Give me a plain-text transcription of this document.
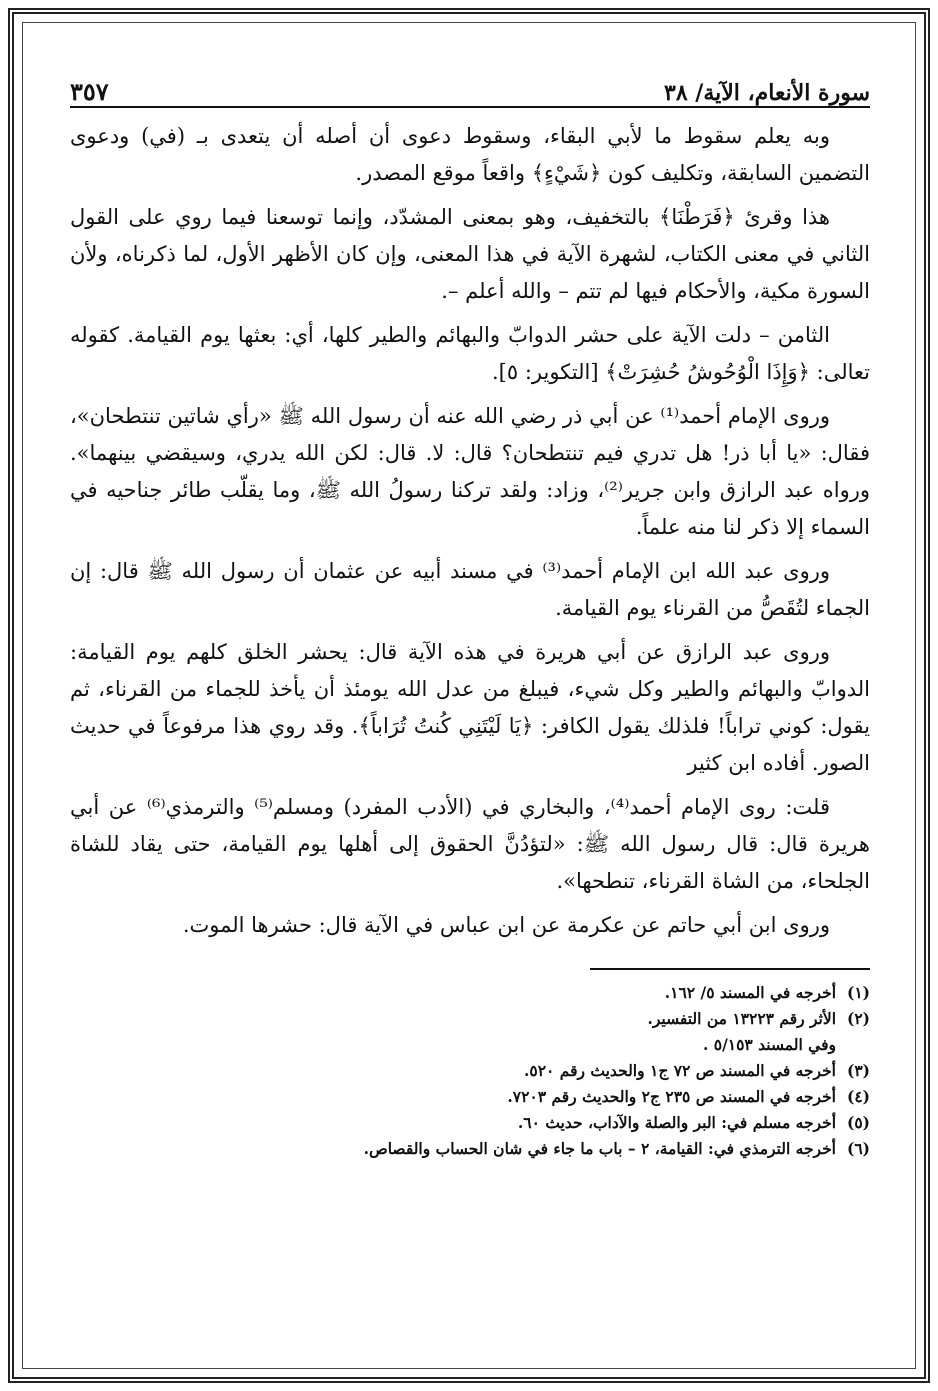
سورة الأنعام، الآية/ ٣٨
٣٥٧

وبه يعلم سقوط ما لأبي البقاء، وسقوط دعوى أن أصله أن يتعدى بـ (في) ودعوى التضمين السابقة، وتكليف كون ﴿شَيْءٍ﴾ واقعاً موقع المصدر.

هذا وقرئ ﴿فَرَطْنَا﴾ بالتخفيف، وهو بمعنى المشدّد، وإنما توسعنا فيما روي على القول الثاني في معنى الكتاب، لشهرة الآية في هذا المعنى، وإن كان الأظهر الأول، لما ذكرناه، ولأن السورة مكية، والأحكام فيها لم تتم – والله أعلم –.

الثامن – دلت الآية على حشر الدوابّ والبهائم والطير كلها، أي: بعثها يوم القيامة. كقوله تعالى: ﴿وَإِذَا الْوُحُوشُ حُشِرَتْ﴾ [التكوير: ٥].

وروى الإمام أحمد⁽¹⁾ عن أبي ذر رضي الله عنه أن رسول الله ﷺ «رأي شاتين تنتطحان»، فقال: «يا أبا ذر! هل تدري فيم تنتطحان؟ قال: لا. قال: لكن الله يدري، وسيقضي بينهما». ورواه عبد الرازق وابن جرير⁽²⁾، وزاد: ولقد تركنا رسولُ الله ﷺ، وما يقلّب طائر جناحيه في السماء إلا ذكر لنا منه علماً.

وروى عبد الله ابن الإمام أحمد⁽³⁾ في مسند أبيه عن عثمان أن رسول الله ﷺ قال: إن الجماء لتُقَصُّ من القرناء يوم القيامة.

وروى عبد الرازق عن أبي هريرة في هذه الآية قال: يحشر الخلق كلهم يوم القيامة: الدوابّ والبهائم والطير وكل شيء، فيبلغ من عدل الله يومئذ أن يأخذ للجماء من القرناء، ثم يقول: كوني تراباً! فلذلك يقول الكافر: ﴿يَا لَيْتَنِي كُنتُ تُرَاباً﴾. وقد روي هذا مرفوعاً في حديث الصور. أفاده ابن كثير

قلت: روى الإمام أحمد⁽⁴⁾، والبخاري في (الأدب المفرد) ومسلم⁽⁵⁾ والترمذي⁽⁶⁾ عن أبي هريرة قال: قال رسول الله ﷺ: «لتؤدُنَّ الحقوق إلى أهلها يوم القيامة، حتى يقاد للشاة الجلحاء، من الشاة القرناء، تنطحها».

وروى ابن أبي حاتم عن عكرمة عن ابن عباس في الآية قال: حشرها الموت.

(١)أخرجه في المسند ٥/ ١٦٢.
(٢)الأثر رقم ١٣٢٢٣ من التفسير.
وفي المسند ٥/١٥٣ .
(٣)أخرجه في المسند ص ٧٢ ج١ والحديث رقم ٥٢٠.
(٤)أخرجه في المسند ص ٢٣٥ ج٢ والحديث رقم ٧٢٠٣.
(٥)أخرجه مسلم في: البر والصلة والآداب، حديث ٦٠.
(٦)أخرجه الترمذي في: القيامة، ٢ – باب ما جاء في شان الحساب والقصاص.
